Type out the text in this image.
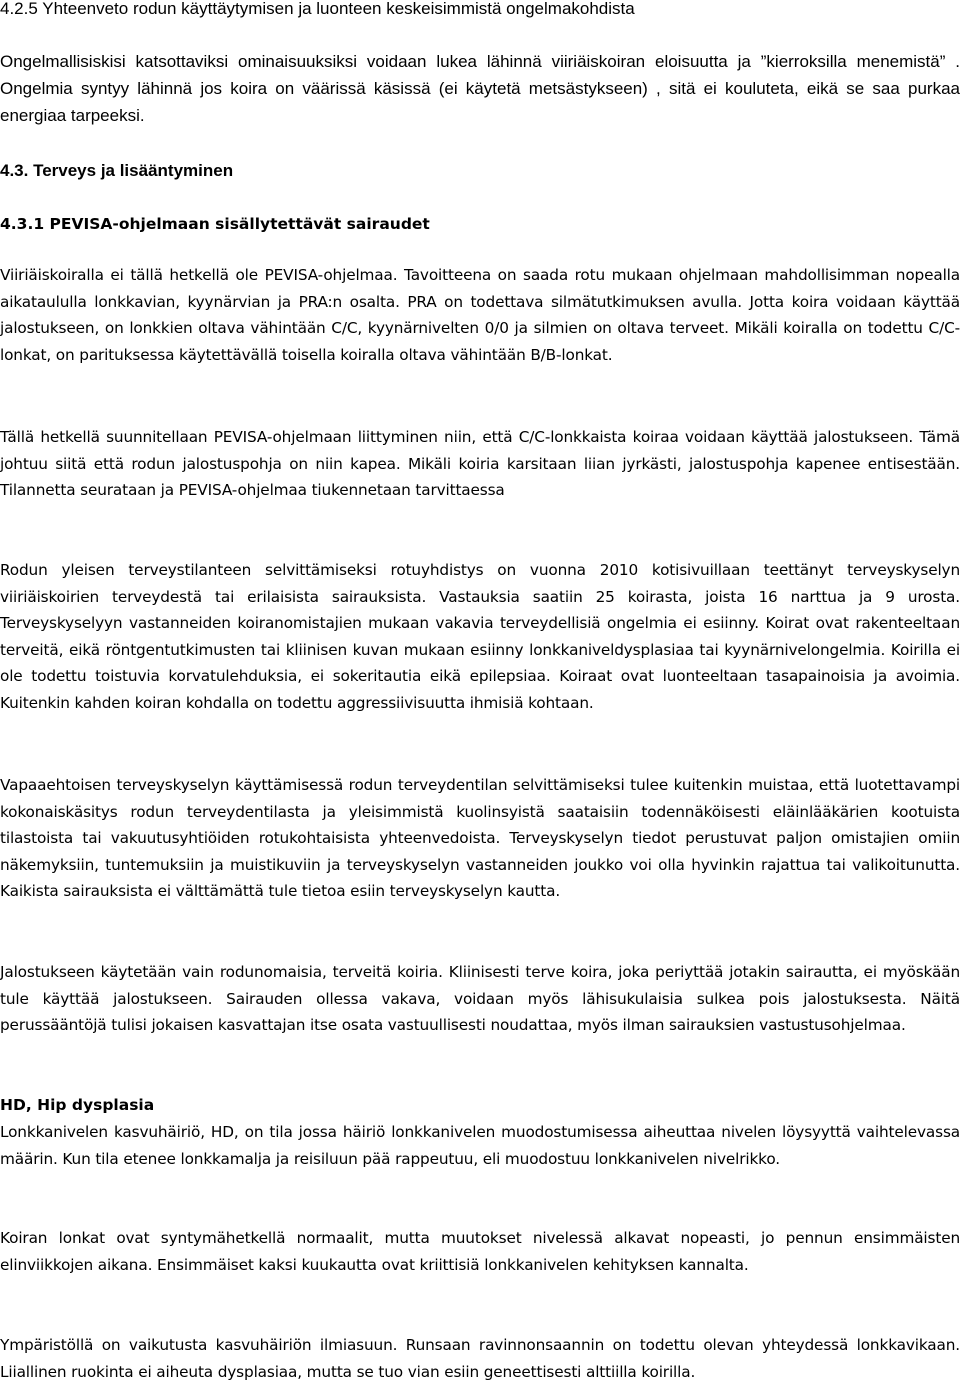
4.2.5 Yhteenveto rodun käyttäytymisen ja luonteen keskeisimmistä ongelmakohdista

Ongelmallisiskisi katsottaviksi ominaisuuksiksi voidaan lukea lähinnä viiriäiskoiran eloisuutta ja ”kierroksilla menemistä” . Ongelmia syntyy lähinnä jos koira on väärissä käsissä (ei käytetä metsästykseen) , sitä ei kouluteta, eikä se saa purkaa energiaa tarpeeksi.

4.3. Terveys ja lisääntyminen
4.3.1 PEVISA-ohjelmaan sisällytettävät sairaudet

Viiriäiskoiralla ei tällä hetkellä ole PEVISA-ohjelmaa. Tavoitteena on saada rotu mukaan ohjelmaan mahdollisimman nopealla aikataululla lonkkavian, kyynärvian ja PRA:n osalta. PRA on todettava silmätutkimuksen avulla. Jotta koira voidaan käyttää jalostukseen, on lonkkien oltava vähintään C/C, kyynärnivelten 0/0 ja silmien on oltava terveet. Mikäli koiralla on todettu C/C-lonkat, on parituksessa käytettävällä toisella koiralla oltava vähintään B/B-lonkat.

Tällä hetkellä suunnitellaan PEVISA-ohjelmaan liittyminen niin, että C/C-lonkkaista koiraa voidaan käyttää jalostukseen. Tämä johtuu siitä että rodun jalostuspohja on niin kapea. Mikäli koiria karsitaan liian jyrkästi, jalostuspohja kapenee entisestään. Tilannetta seurataan ja PEVISA-ohjelmaa tiukennetaan tarvittaessa

Rodun yleisen terveystilanteen selvittämiseksi rotuyhdistys on vuonna 2010 kotisivuillaan teettänyt terveyskyselyn viiriäiskoirien terveydestä tai erilaisista sairauksista. Vastauksia saatiin 25 koirasta, joista 16 narttua ja 9 urosta. Terveyskyselyyn vastanneiden koiranomistajien mukaan vakavia terveydellisiä ongelmia ei esiinny. Koirat ovat rakenteeltaan terveitä, eikä röntgentutkimusten tai kliinisen kuvan mukaan esiinny lonkkaniveldysplasiaa tai kyynärnivelongelmia. Koirilla ei ole todettu toistuvia korvatulehduksia, ei sokeritautia eikä epilepsiaa. Koiraat ovat luonteeltaan tasapainoisia ja avoimia. Kuitenkin kahden koiran kohdalla on todettu aggressiivisuutta ihmisiä kohtaan.

Vapaaehtoisen terveyskyselyn käyttämisessä rodun terveydentilan selvittämiseksi tulee kuitenkin muistaa, että luotettavampi kokonaiskäsitys rodun terveydentilasta ja yleisimmistä kuolinsyistä saataisiin todennäköisesti eläinlääkärien kootuista tilastoista tai vakuutusyhtiöiden rotukohtaisista yhteenvedoista. Terveyskyselyn tiedot perustuvat paljon omistajien omiin näkemyksiin, tuntemuksiin ja muistikuviin ja terveyskyselyn vastanneiden joukko voi olla hyvinkin rajattua tai valikoitunutta. Kaikista sairauksista ei välttämättä tule tietoa esiin terveyskyselyn kautta.

Jalostukseen käytetään vain rodunomaisia, terveitä koiria. Kliinisesti terve koira, joka periyttää jotakin sairautta, ei myöskään tule käyttää jalostukseen. Sairauden ollessa vakava, voidaan myös lähisukulaisia sulkea pois jalostuksesta. Näitä perussääntöjä tulisi jokaisen kasvattajan itse osata vastuullisesti noudattaa, myös ilman sairauksien vastustusohjelmaa.

HD, Hip dysplasia

Lonkkanivelen kasvuhäiriö, HD, on tila jossa häiriö lonkkanivelen muodostumisessa aiheuttaa nivelen löysyyttä vaihtelevassa määrin. Kun tila etenee lonkkamalja ja reisiluun pää rappeutuu, eli muodostuu lonkkanivelen nivelrikko.

Koiran lonkat ovat syntymähetkellä normaalit, mutta muutokset nivelessä alkavat nopeasti, jo pennun ensimmäisten elinviikkojen aikana. Ensimmäiset kaksi kuukautta ovat kriittisiä lonkkanivelen kehityksen kannalta.

Ympäristöllä on vaikutusta kasvuhäiriön ilmiasuun. Runsaan ravinnonsaannin on todettu olevan yhteydessä lonkkavikaan. Liiallinen ruokinta ei aiheuta dysplasiaa, mutta se tuo vian esiin geneettisesti alttiilla koirilla.
